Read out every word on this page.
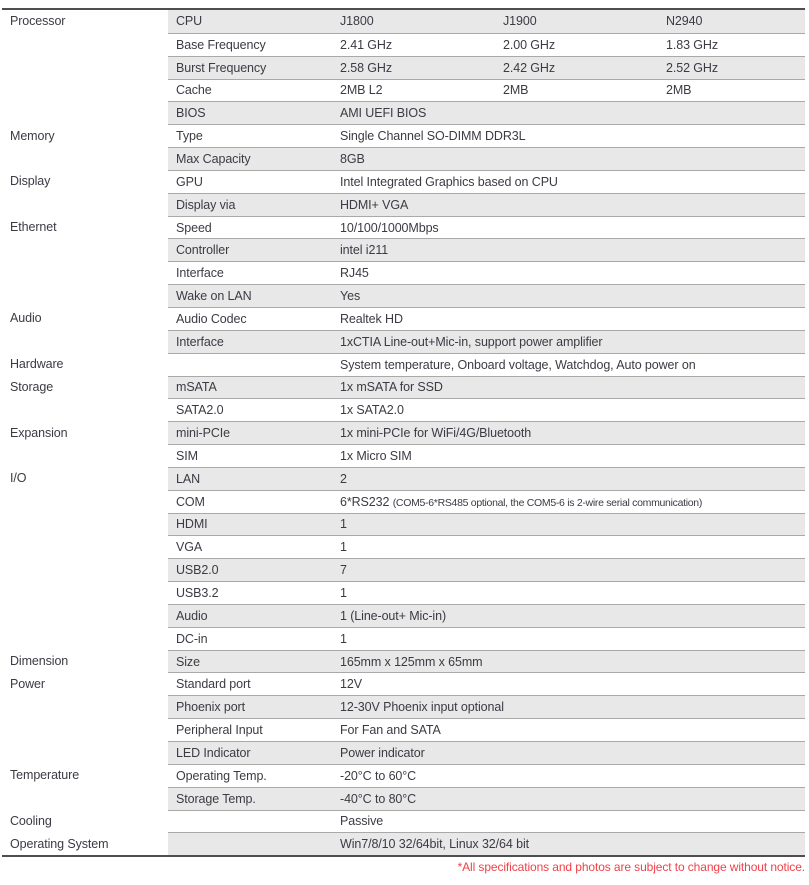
Processor	CPU	J1800	J1900	N2940
Base Frequency	2.41 GHz	2.00 GHz	1.83 GHz
Burst Frequency	2.58 GHz	2.42 GHz	2.52 GHz
Cache	2MB L2	2MB	2MB
BIOS	AMI UEFI BIOS
Memory	Type	Single Channel SO-DIMM DDR3L
Max Capacity	8GB
Display	GPU	Intel Integrated Graphics based on CPU
Display via	HDMI+ VGA
Ethernet	Speed	10/100/1000Mbps
Controller	intel i211
Interface	RJ45
Wake on LAN	Yes
Audio	Audio Codec	Realtek HD
Interface	1xCTIA Line-out+Mic-in, support power amplifier
Hardware	System temperature, Onboard voltage, Watchdog, Auto power on
Storage	mSATA	1x mSATA for SSD
SATA2.0	1x SATA2.0
Expansion	mini-PCIe	1x mini-PCIe for WiFi/4G/Bluetooth
SIM	1x Micro SIM
I/O	LAN	2
COM	6*RS232 (COM5-6*RS485 optional, the COM5-6 is 2-wire serial communication)
HDMI	1
VGA	1
USB2.0	7
USB3.2	1
Audio	1 (Line-out+ Mic-in)
DC-in	1
Dimension	Size	165mm x 125mm x 65mm
Power	Standard port	12V
Phoenix port	12-30V Phoenix input optional
Peripheral Input	For Fan and SATA
LED Indicator	Power indicator
Temperature	Operating Temp.	-20°C to 60°C
Storage Temp.	-40°C to 80°C
Cooling	Passive
Operating System	Win7/8/10 32/64bit, Linux 32/64 bit
*All specifications and photos are subject to change without notice.
